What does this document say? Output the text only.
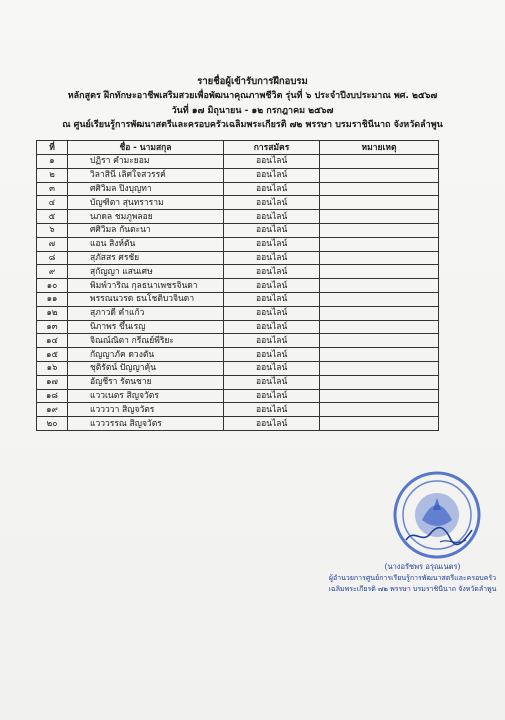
รายชื่อผู้เข้ารับการฝึกอบรม
หลักสูตร ฝึกทักษะอาชีพเสริมสวยเพื่อพัฒนาคุณภาพชีวิต รุ่นที่ ๖ ประจำปีงบประมาณ พศ. ๒๕๖๗
วันที่ ๑๗ มิถุนายน - ๑๒ กรกฎาคม ๒๕๖๗
ณ ศูนย์เรียนรู้การพัฒนาสตรีและครอบครัวเฉลิมพระเกียรติ ๗๒ พรรษา บรมราชินีนาถ จังหวัดลำพูน
ที่	ชื่อ - นามสกุล	การสมัคร	หมายเหตุ
๑	ปฏิรา คำมะยอม	ออนไลน์	
๒	วิลาสินี เลิศใจสวรรค์	ออนไลน์	
๓	ศศิวิมล ปิงบุญทา	ออนไลน์	
๔	บัญฑิตา สุนทราราม	ออนไลน์	
๕	นภดล ชมภูพลอย	ออนไลน์	
๖	ศศิวิมล กันตะนา	ออนไลน์	
๗	แอน สิงห์ตัน	ออนไลน์	
๘	สุภัสสร ศรชัย	ออนไลน์	
๙	สุกัญญา แสนเศษ	ออนไลน์	
๑๐	พิมพ์วาริณ กุลธนาเพชรจินดา	ออนไลน์	
๑๑	พรรณนวรด ธนโชติบวจินดา	ออนไลน์	
๑๒	สุภาวดี คำแก้ว	ออนไลน์	
๑๓	นิภาพร ขึ้นเรญ	ออนไลน์	
๑๔	จิณณ์ณิตา กรีณย์พีริยะ	ออนไลน์	
๑๕	กัญญาภัค ดวงตัน	ออนไลน์	
๑๖	ชุติรัตน์ ปัญญาคุ้น	ออนไลน์	
๑๗	อัญชีรา รัตนชาย	ออนไลน์	
๑๘	แววเนตร สิญจวัตร	ออนไลน์	
๑๙	แววววา สิญจวัตร	ออนไลน์	
๒๐	แวววรรณ สิญจวัตร	ออนไลน์	
(นางอรัชพร อรุณเนตร)
ผู้อำนวยการศูนย์การเรียนรู้การพัฒนาสตรีและครอบครัว
เฉลิมพระเกียรติ ๗๒ พรรษา บรมราชินีนาถ จังหวัดลำพูน
